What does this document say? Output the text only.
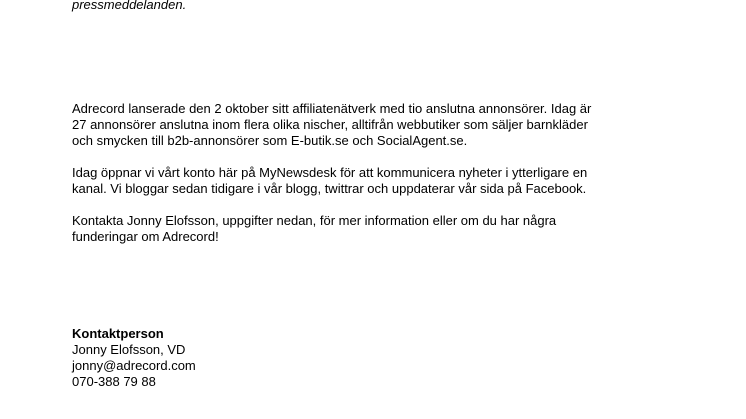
pressmeddelanden.

Adrecord lanserade den 2 oktober sitt affiliatenätverk med tio anslutna annonsörer. Idag är
27 annonsörer anslutna inom flera olika nischer, alltifrån webbutiker som säljer barnkläder
och smycken till b2b-annonsörer som E-butik.se och SocialAgent.se.

Idag öppnar vi vårt konto här på MyNewsdesk för att kommunicera nyheter i ytterligare en
kanal. Vi bloggar sedan tidigare i vår blogg, twittrar och uppdaterar vår sida på Facebook.

Kontakta Jonny Elofsson, uppgifter nedan, för mer information eller om du har några
funderingar om Adrecord!

Kontaktperson
Jonny Elofsson, VD
jonny@adrecord.com
070-388 79 88
